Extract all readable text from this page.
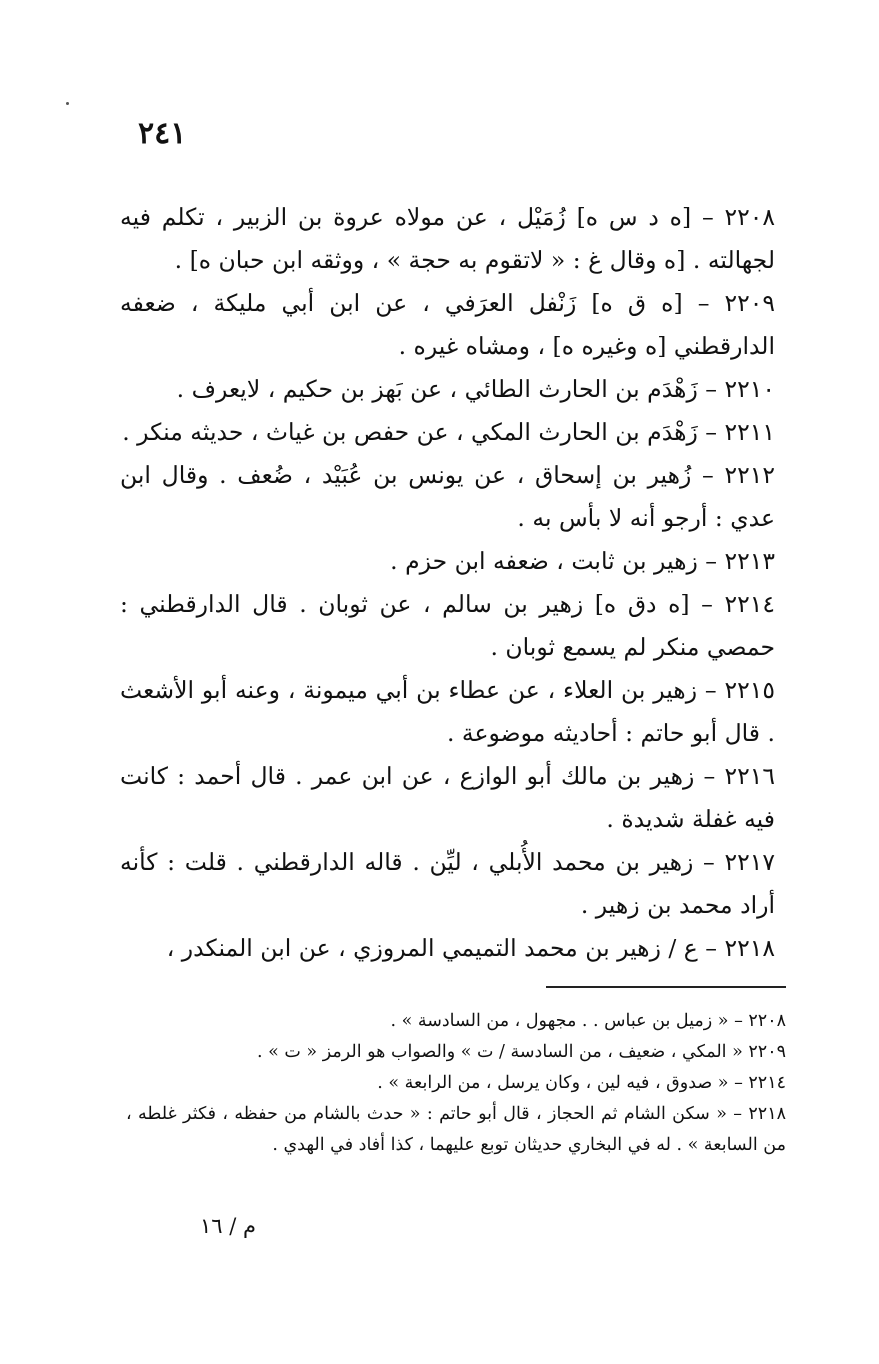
٢٤١

٢٢٠٨ – [ه د س ه] زُمَيْل ، عن مولاه عروة بن الزبير ، تكلم فيه لجهالته . [ه وقال غ : « لاتقوم به حجة » ، ووثقه ابن حبان ه] .

٢٢٠٩ – [ه ق ه] زَنْفل العرَفي ، عن ابن أبي مليكة ، ضعفه الدارقطني [ه وغيره ه] ، ومشاه غيره .

٢٢١٠ – زَهْدَم بن الحارث الطائي ، عن بَهز بن حكيم ، لايعرف .

٢٢١١ – زَهْدَم بن الحارث المكي ، عن حفص بن غياث ، حديثه منكر .

٢٢١٢ – زُهير بن إسحاق ، عن يونس بن عُبَيْد ، ضُعف . وقال ابن عدي : أرجو أنه لا بأس به .

٢٢١٣ – زهير بن ثابت ، ضعفه ابن حزم .

٢٢١٤ – [ه دق ه] زهير بن سالم ، عن ثوبان . قال الدارقطني : حمصي منكر لم يسمع ثوبان .

٢٢١٥ – زهير بن العلاء ، عن عطاء بن أبي ميمونة ، وعنه أبو الأشعث . قال أبو حاتم : أحاديثه موضوعة .

٢٢١٦ – زهير بن مالك أبو الوازع ، عن ابن عمر . قال أحمد : كانت فيه غفلة شديدة .

٢٢١٧ – زهير بن محمد الأُبلي ، ليِّن . قاله الدارقطني . قلت : كأنه أراد محمد بن زهير .

٢٢١٨ – ع / زهير بن محمد التميمي المروزي ، عن ابن المنكدر ،

٢٢٠٨ – « زميل بن عباس . . مجهول ، من السادسة » .

٢٢٠٩ « المكي ، ضعيف ، من السادسة / ت » والصواب هو الرمز « ت » .

٢٢١٤ – « صدوق ، فيه لين ، وكان يرسل ، من الرابعة » .

٢٢١٨ – « سكن الشام ثم الحجاز ، قال أبو حاتم : « حدث بالشام من حفظه ، فكثر غلطه ، من السابعة » . له في البخاري حديثان توبع عليهما ، كذا أفاد في الهدي .

م / ١٦
